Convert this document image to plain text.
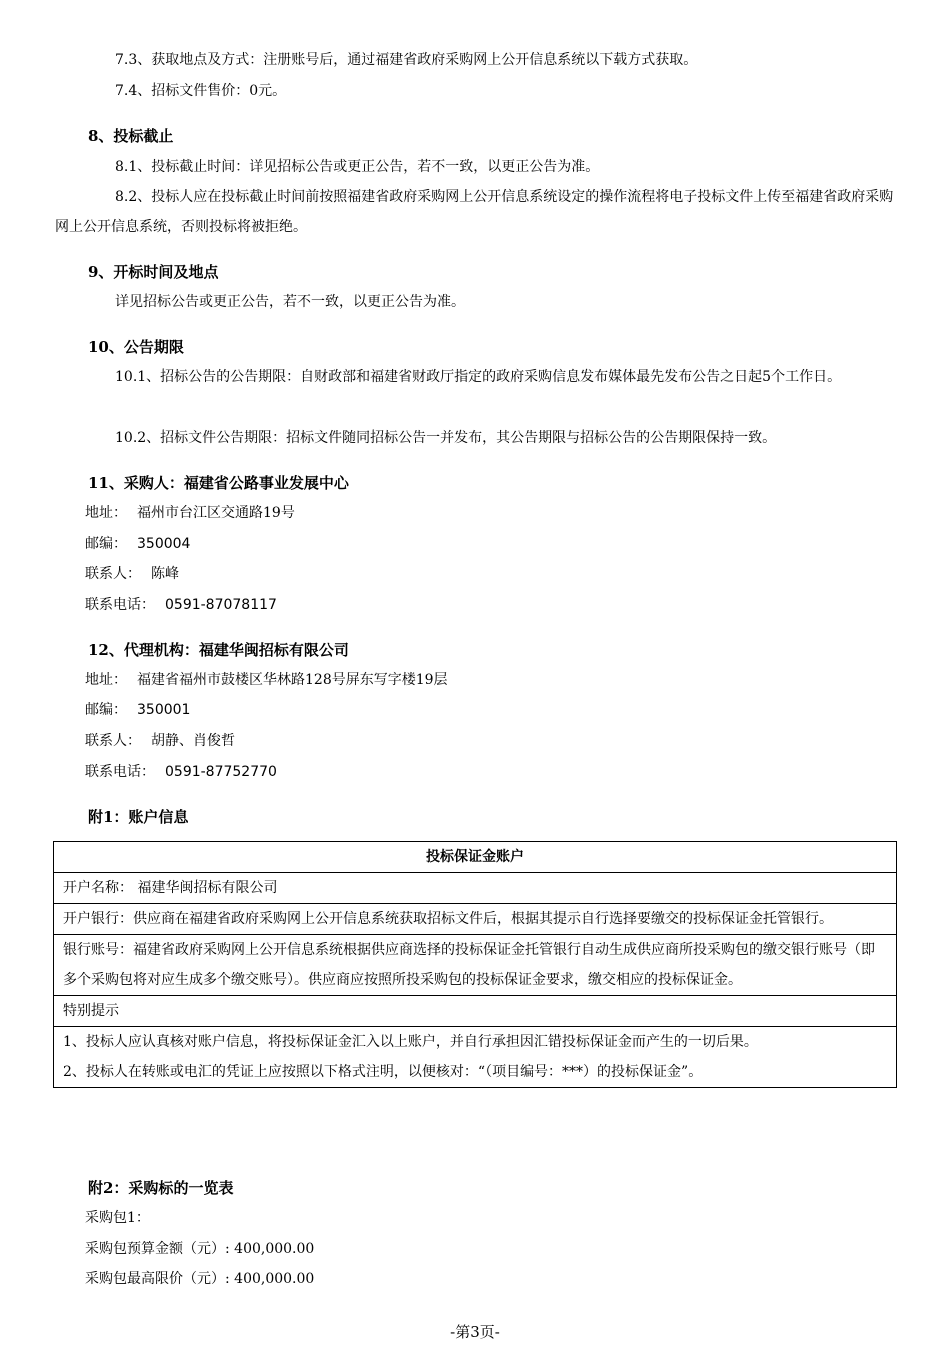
7.3、获取地点及方式：注册账号后，通过福建省政府采购网上公开信息系统以下载方式获取。
7.4、招标文件售价：0元。
8、投标截止
8.1、投标截止时间：详见招标公告或更正公告，若不一致，以更正公告为准。
8.2、投标人应在投标截止时间前按照福建省政府采购网上公开信息系统设定的操作流程将电子投标文件上传至福建省政府采购网上公开信息系统，否则投标将被拒绝。
9、开标时间及地点
详见招标公告或更正公告，若不一致，以更正公告为准。
10、公告期限
10.1、招标公告的公告期限：自财政部和福建省财政厅指定的政府采购信息发布媒体最先发布公告之日起5个工作日。
10.2、招标文件公告期限：招标文件随同招标公告一并发布，其公告期限与招标公告的公告期限保持一致。
11、采购人：福建省公路事业发展中心
地址： 福州市台江区交通路19号
邮编： 350004
联系人： 陈峰
联系电话： 0591-87078117
12、代理机构：福建华闽招标有限公司
地址： 福建省福州市鼓楼区华林路128号屏东写字楼19层
邮编： 350001
联系人： 胡静、肖俊哲
联系电话： 0591-87752770
附1：账户信息
投标保证金账户
开户名称： 福建华闽招标有限公司
开户银行：供应商在福建省政府采购网上公开信息系统获取招标文件后，根据其提示自行选择要缴交的投标保证金托管银行。
银行账号：福建省政府采购网上公开信息系统根据供应商选择的投标保证金托管银行自动生成供应商所投采购包的缴交银行账号（即多个采购包将对应生成多个缴交账号）。供应商应按照所投采购包的投标保证金要求，缴交相应的投标保证金。
特别提示

1、投标人应认真核对账户信息，将投标保证金汇入以上账户，并自行承担因汇错投标保证金而产生的一切后果。
2、投标人在转账或电汇的凭证上应按照以下格式注明，以便核对：“（项目编号：***）的投标保证金”。
附2：采购标的一览表
采购包1：
采购包预算金额（元）: 400,000.00
采购包最高限价（元）: 400,000.00
-第3页-
